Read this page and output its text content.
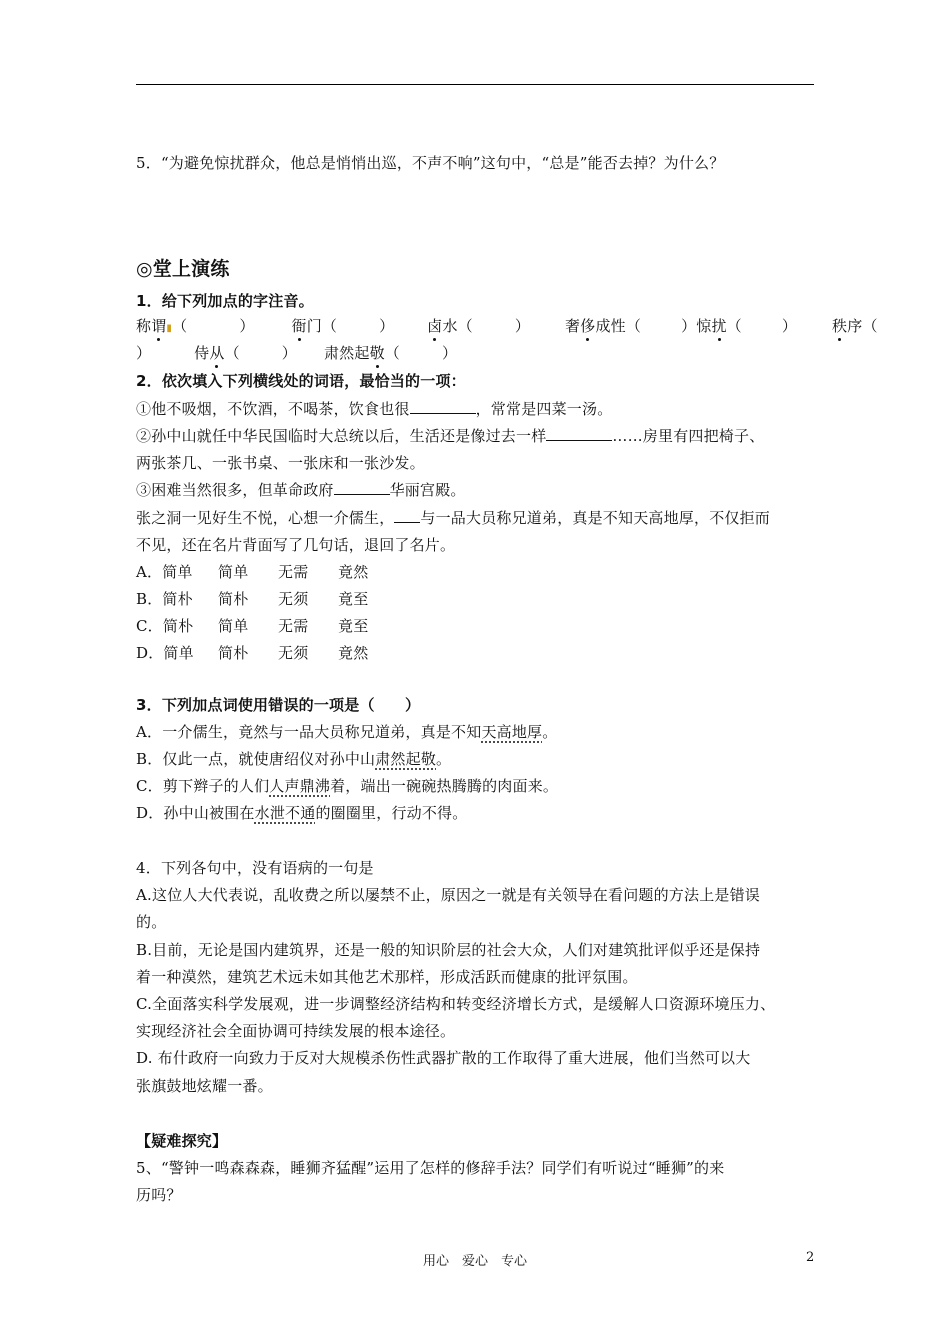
5．“为避免惊扰群众，他总是悄悄出巡，不声不响”这句中，“总是”能否去掉？为什么？
◎堂上演练
1．给下列加点的字注音。
称谓▮（	） 衙门（	） 卤水（	） 奢侈成性（	）惊扰（	） 秩序（
）	侍从（	） 肃然起敬（	）
2．依次填入下列横线处的词语，最恰当的一项：
①他不吸烟，不饮酒，不喝茶，饮食也很	，常常是四菜一汤。
②孙中山就任中华民国临时大总统以后，生活还是像过去一样	……房里有四把椅子、
两张茶几、一张书桌、一张床和一张沙发。
③困难当然很多，但革命政府	华丽宫殿。
张之洞一见好生不悦，心想一介儒生， 与一品大员称兄道弟，真是不知天高地厚，不仅拒而
不见，还在名片背面写了几句话，退回了名片。
A．简单 简单 无需 竟然
B．简朴 简朴 无须 竟至
C．简朴 简单 无需 竟至
D．简单 简朴 无须 竟然
3．下列加点词使用错误的一项是（　　）
A．一介儒生，竟然与一品大员称兄道弟，真是不知天高地厚。
B．仅此一点，就使唐绍仪对孙中山肃然起敬。
C．剪下辫子的人们人声鼎沸着，端出一碗碗热腾腾的肉面来。
D．孙中山被围在水泄不通的圈圈里，行动不得。
4．下列各句中，没有语病的一句是
A.这位人大代表说，乱收费之所以屡禁不止，原因之一就是有关领导在看问题的方法上是错误
的。
B.目前，无论是国内建筑界，还是一般的知识阶层的社会大众，人们对建筑批评似乎还是保持
着一种漠然，建筑艺术远未如其他艺术那样，形成活跃而健康的批评氛围。
C.全面落实科学发展观，进一步调整经济结构和转变经济增长方式，是缓解人口资源环境压力、
实现经济社会全面协调可持续发展的根本途径。
D. 布什政府一向致力于反对大规模杀伤性武器扩散的工作取得了重大进展，他们当然可以大
张旗鼓地炫耀一番。
【疑难探究】
5、“警钟一鸣森森森，睡狮齐猛醒”运用了怎样的修辞手法？同学们有听说过“睡狮”的来
历吗？
用心　爱心　专心	2
